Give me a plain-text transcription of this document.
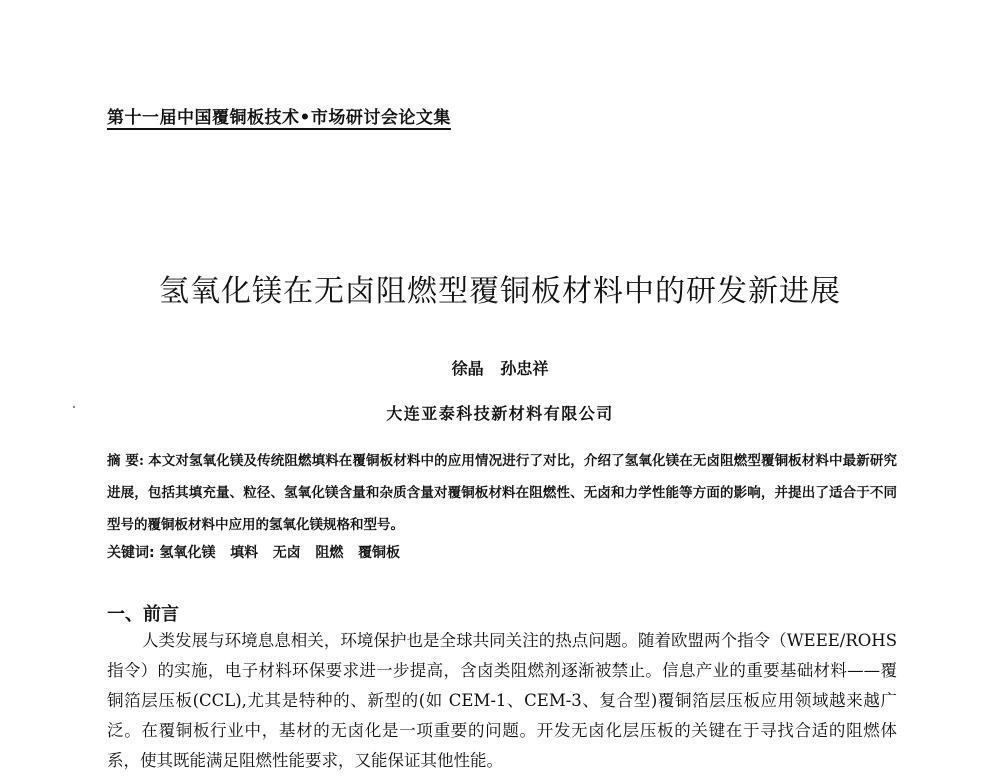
第十一届中国覆铜板技术•市场研讨会论文集
氢氧化镁在无卤阻燃型覆铜板材料中的研发新进展
徐晶   孙忠祥
大连亚泰科技新材料有限公司
摘 要: 本文对氢氧化镁及传统阻燃填料在覆铜板材料中的应用情况进行了对比，介绍了氢氧化镁在无卤阻燃型覆铜板材料中最新研究进展，包括其填充量、粒径、氢氧化镁含量和杂质含量对覆铜板材料在阻燃性、无卤和力学性能等方面的影响，并提出了适合于不同型号的覆铜板材料中应用的氢氧化镁规格和型号。
关键词: 氢氧化镁   填料   无卤   阻燃   覆铜板
一、前言
人类发展与环境息息相关，环境保护也是全球共同关注的热点问题。随着欧盟两个指令（WEEE/ROHS 指令）的实施，电子材料环保要求进一步提高，含卤类阻燃剂逐渐被禁止。信息产业的重要基础材料——覆铜箔层压板(CCL),尤其是特种的、新型的(如 CEM-1、CEM-3、复合型)覆铜箔层压板应用领域越来越广泛。在覆铜板行业中，基材的无卤化是一项重要的问题。开发无卤化层压板的关键在于寻找合适的阻燃体系，使其既能满足阻燃性能要求，又能保证其他性能。
